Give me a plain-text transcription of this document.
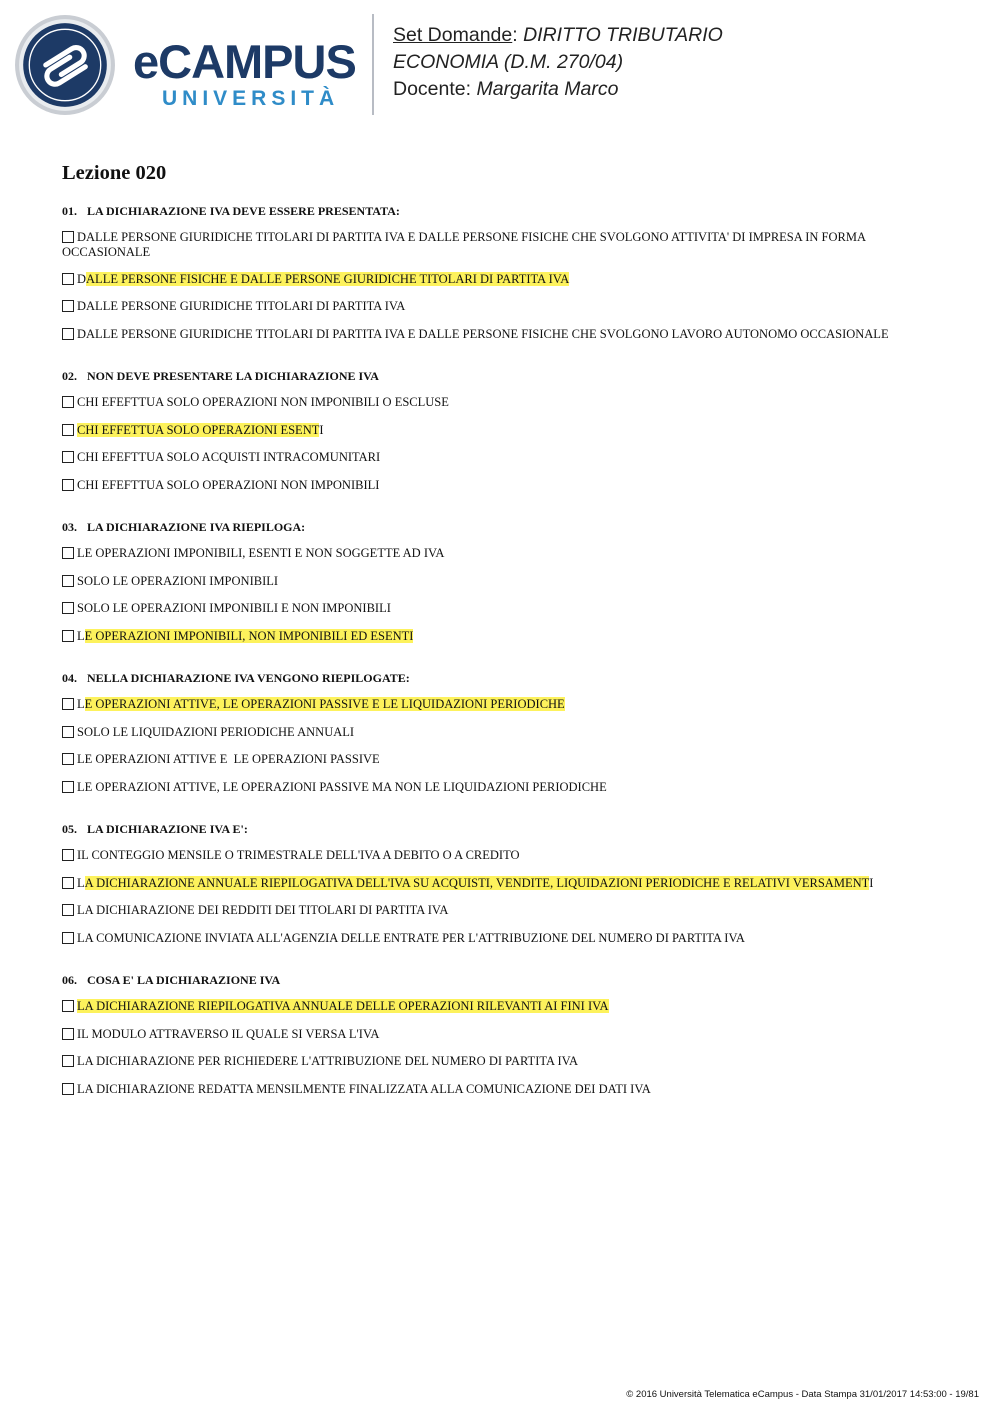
eCAMPUS
UNIVERSITÀ
Set Domande: DIRITTO TRIBUTARIO
ECONOMIA (D.M. 270/04)
Docente: Margarita Marco
Lezione 020
01. LA DICHIARAZIONE IVA DEVE ESSERE PRESENTATA:
DALLE PERSONE GIURIDICHE TITOLARI DI PARTITA IVA E DALLE PERSONE FISICHE CHE SVOLGONO ATTIVITA' DI IMPRESA IN FORMA OCCASIONALE
DALLE PERSONE FISICHE E DALLE PERSONE GIURIDICHE TITOLARI DI PARTITA IVA
DALLE PERSONE GIURIDICHE TITOLARI DI PARTITA IVA
DALLE PERSONE GIURIDICHE TITOLARI DI PARTITA IVA E DALLE PERSONE FISICHE CHE SVOLGONO LAVORO AUTONOMO OCCASIONALE
02. NON DEVE PRESENTARE LA DICHIARAZIONE IVA
CHI EFEFTTUA SOLO OPERAZIONI NON IMPONIBILI O ESCLUSE
CHI EFFETTUA SOLO OPERAZIONI ESENTI
CHI EFEFTTUA SOLO ACQUISTI INTRACOMUNITARI
CHI EFEFTTUA SOLO OPERAZIONI NON IMPONIBILI
03. LA DICHIARAZIONE IVA RIEPILOGA:
LE OPERAZIONI IMPONIBILI, ESENTI E NON SOGGETTE AD IVA
SOLO LE OPERAZIONI IMPONIBILI
SOLO LE OPERAZIONI IMPONIBILI E NON IMPONIBILI
LE OPERAZIONI IMPONIBILI, NON IMPONIBILI ED ESENTI
04. NELLA DICHIARAZIONE IVA VENGONO RIEPILOGATE:
LE OPERAZIONI ATTIVE, LE OPERAZIONI PASSIVE E LE LIQUIDAZIONI PERIODICHE
SOLO LE LIQUIDAZIONI PERIODICHE ANNUALI
LE OPERAZIONI ATTIVE E  LE OPERAZIONI PASSIVE
LE OPERAZIONI ATTIVE, LE OPERAZIONI PASSIVE MA NON LE LIQUIDAZIONI PERIODICHE
05. LA DICHIARAZIONE IVA E':
IL CONTEGGIO MENSILE O TRIMESTRALE DELL'IVA A DEBITO O A CREDITO
LA DICHIARAZIONE ANNUALE RIEPILOGATIVA DELL'IVA SU ACQUISTI, VENDITE, LIQUIDAZIONI PERIODICHE E RELATIVI VERSAMENTI
LA DICHIARAZIONE DEI REDDITI DEI TITOLARI DI PARTITA IVA
LA COMUNICAZIONE INVIATA ALL'AGENZIA DELLE ENTRATE PER L'ATTRIBUZIONE DEL NUMERO DI PARTITA IVA
06. COSA E' LA DICHIARAZIONE IVA
LA DICHIARAZIONE RIEPILOGATIVA ANNUALE DELLE OPERAZIONI RILEVANTI AI FINI IVA
IL MODULO ATTRAVERSO IL QUALE SI VERSA L'IVA
LA DICHIARAZIONE PER RICHIEDERE L'ATTRIBUZIONE DEL NUMERO DI PARTITA IVA
LA DICHIARAZIONE REDATTA MENSILMENTE FINALIZZATA ALLA COMUNICAZIONE DEI DATI IVA
© 2016 Università Telematica eCampus - Data Stampa 31/01/2017 14:53:00 - 19/81
